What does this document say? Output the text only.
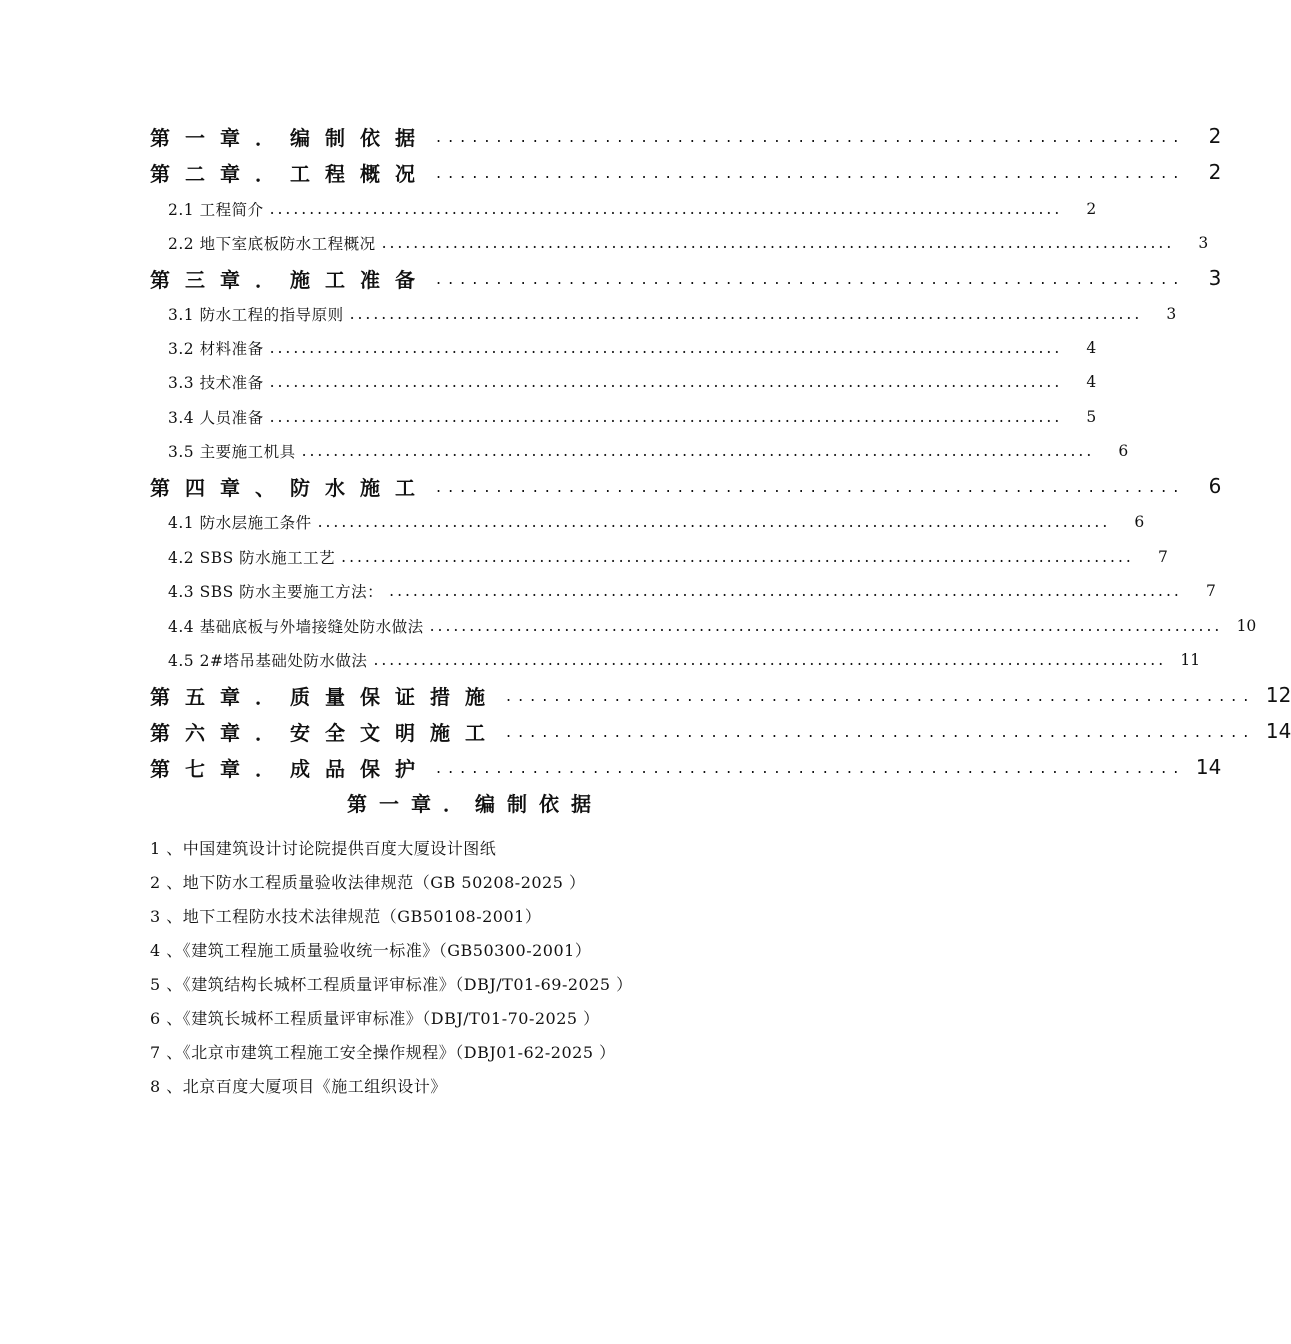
第一章．编制依据 ..............................................................	2
第二章．工程概况 ..............................................................	2
2.1 工程简介 ....................................................................................................	2
2.2 地下室底板防水工程概况 ....................................................................................................	3
第三章．施工准备 ..............................................................	3
3.1 防水工程的指导原则 ....................................................................................................	3
3.2 材料准备 ....................................................................................................	4
3.3 技术准备 ....................................................................................................	4
3.4 人员准备 ....................................................................................................	5
3.5 主要施工机具 ....................................................................................................	6
第四章、防水施工 ..............................................................	6
4.1 防水层施工条件 ....................................................................................................	6
4.2 SBS 防水施工工艺 ....................................................................................................	7
4.3 SBS 防水主要施工方法： ....................................................................................................	7
4.4 基础底板与外墙接缝处防水做法 .................................................................................................... 10
4.5 2#塔吊基础处防水做法 .................................................................................................... 11
第五章．质量保证措施 .............................................................. 12
第六章．安全文明施工 .............................................................. 14
第七章．成品保护 .............................................................. 14
第一章．编制依据
1 、中国建筑设计讨论院提供百度大厦设计图纸
2 、地下防水工程质量验收法律规范（GB 50208-2025 ）
3 、地下工程防水技术法律规范（GB50108-2001）
4 、《建筑工程施工质量验收统一标准》（GB50300-2001）
5 、《建筑结构长城杯工程质量评审标准》（DBJ/T01-69-2025 ）
6 、《建筑长城杯工程质量评审标准》（DBJ/T01-70-2025 ）
7 、《北京市建筑工程施工安全操作规程》（DBJ01-62-2025 ）
8 、北京百度大厦项目《施工组织设计》
